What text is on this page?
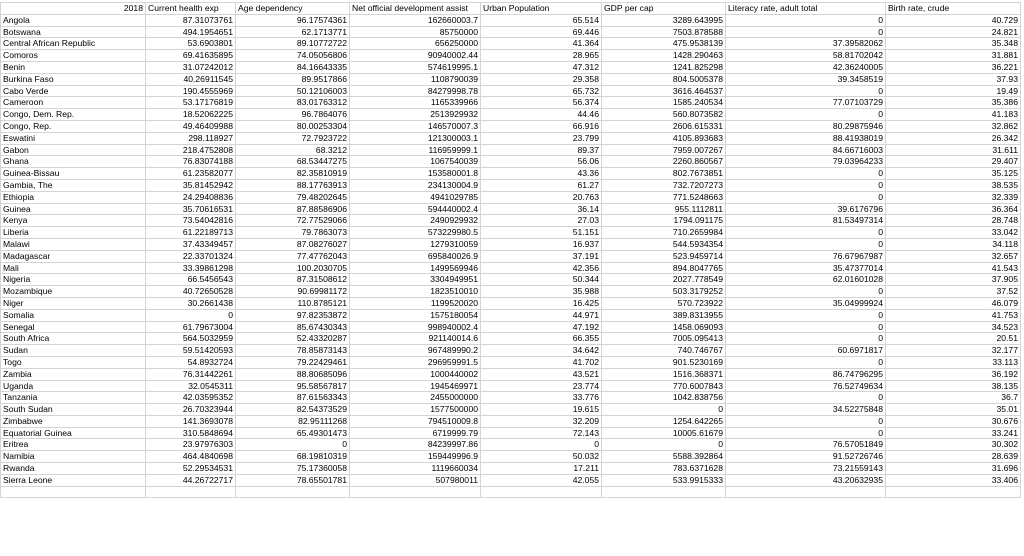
2018	Current health exp	Age dependency	Net official development assist	Urban Population	GDP per cap	Literacy rate, adult total	Birth rate, crude
Angola	87.31073761	96.17574361	162660003.7	65.514	3289.643995	0	40.729
Botswana	494.1954651	62.1713771	85750000	69.446	7503.878588	0	24.821
Central African Republic	53.6903801	89.10772722	656250000	41.364	475.9538139	37.39582062	35.348
Comoros	69.41635895	74.05056806	90940002.44	28.965	1428.290463	58.81702042	31.881
Benin	31.07242012	84.16643335	574619995.1	47.312	1241.825298	42.36240005	36.221
Burkina Faso	40.26911545	89.9517866	1108790039	29.358	804.5005378	39.3458519	37.93
Cabo Verde	190.4555969	50.12106003	84279998.78	65.732	3616.464537	0	19.49
Cameroon	53.17176819	83.01763312	1165339966	56.374	1585.240534	77.07103729	35.386
Congo, Dem. Rep.	18.52062225	96.7864076	2513929932	44.46	560.8073582	0	41.183
Congo, Rep.	49.46409988	80.00253304	146570007.3	66.916	2606.615331	80.29875946	32.862
Eswatini	298.118927	72.7923722	121300003.1	23.799	4105.893683	88.41938019	26.342
Gabon	218.4752808	68.3212	116959999.1	89.37	7959.007267	84.66716003	31.611
Ghana	76.83074188	68.53447275	1067540039	56.06	2260.860567	79.03964233	29.407
Guinea-Bissau	61.23582077	82.35810919	153580001.8	43.36	802.7673851	0	35.125
Gambia, The	35.81452942	88.17763913	234130004.9	61.27	732.7207273	0	38.535
Ethiopia	24.29408836	79.48202645	4941029785	20.763	771.5248663	0	32.339
Guinea	35.70616531	87.88586906	594440002.4	36.14	955.1112811	39.6176796	36.364
Kenya	73.54042816	72.77529066	2490929932	27.03	1794.091175	81.53497314	28.748
Liberia	61.22189713	79.7863073	573229980.5	51.151	710.2659984	0	33.042
Malawi	37.43349457	87.08276027	1279310059	16.937	544.5934354	0	34.118
Madagascar	22.33701324	77.47762043	695840026.9	37.191	523.9459714	76.67967987	32.657
Mali	33.39861298	100.2030705	1499569946	42.356	894.8047765	35.47377014	41.543
Nigeria	66.5456543	87.31508612	3304949951	50.344	2027.778549	62.01601028	37.905
Mozambique	40.72650528	90.69981172	1823510010	35.988	503.3179252	0	37.52
Niger	30.2661438	110.8785121	1199520020	16.425	570.723922	35.04999924	46.079
Somalia	0	97.82353872	1575180054	44.971	389.8313955	0	41.753
Senegal	61.79673004	85.67430343	998940002.4	47.192	1458.069093	0	34.523
South Africa	564.5032959	52.43320287	921140014.6	66.355	7005.095413	0	20.51
Sudan	59.51420593	78.85873143	967489990.2	34.642	740.746767	60.6971817	32.177
Togo	54.8932724	79.22429461	296959991.5	41.702	901.5230169	0	33.113
Zambia	76.31442261	88.80685096	1000440002	43.521	1516.368371	86.74796295	36.192
Uganda	32.0545311	95.58567817	1945469971	23.774	770.6007843	76.52749634	38.135
Tanzania	42.03595352	87.61563343	2455000000	33.776	1042.838756	0	36.7
South Sudan	26.70323944	82.54373529	1577500000	19.615	0	34.52275848	35.01
Zimbabwe	141.3693078	82.95111268	794510009.8	32.209	1254.642265	0	30.676
Equatorial Guinea	310.5848694	65.49301473	6719999.79	72.143	10005.61679	0	33.241
Eritrea	23.97976303	0	84239997.86	0	0	76.57051849	30.302
Namibia	464.4840698	68.19810319	159449996.9	50.032	5588.392864	91.52726746	28.639
Rwanda	52.29534531	75.17360058	1119660034	17.211	783.6371628	73.21559143	31.696
Sierra Leone	44.26722717	78.65501781	507980011	42.055	533.9915333	43.20632935	33.406
